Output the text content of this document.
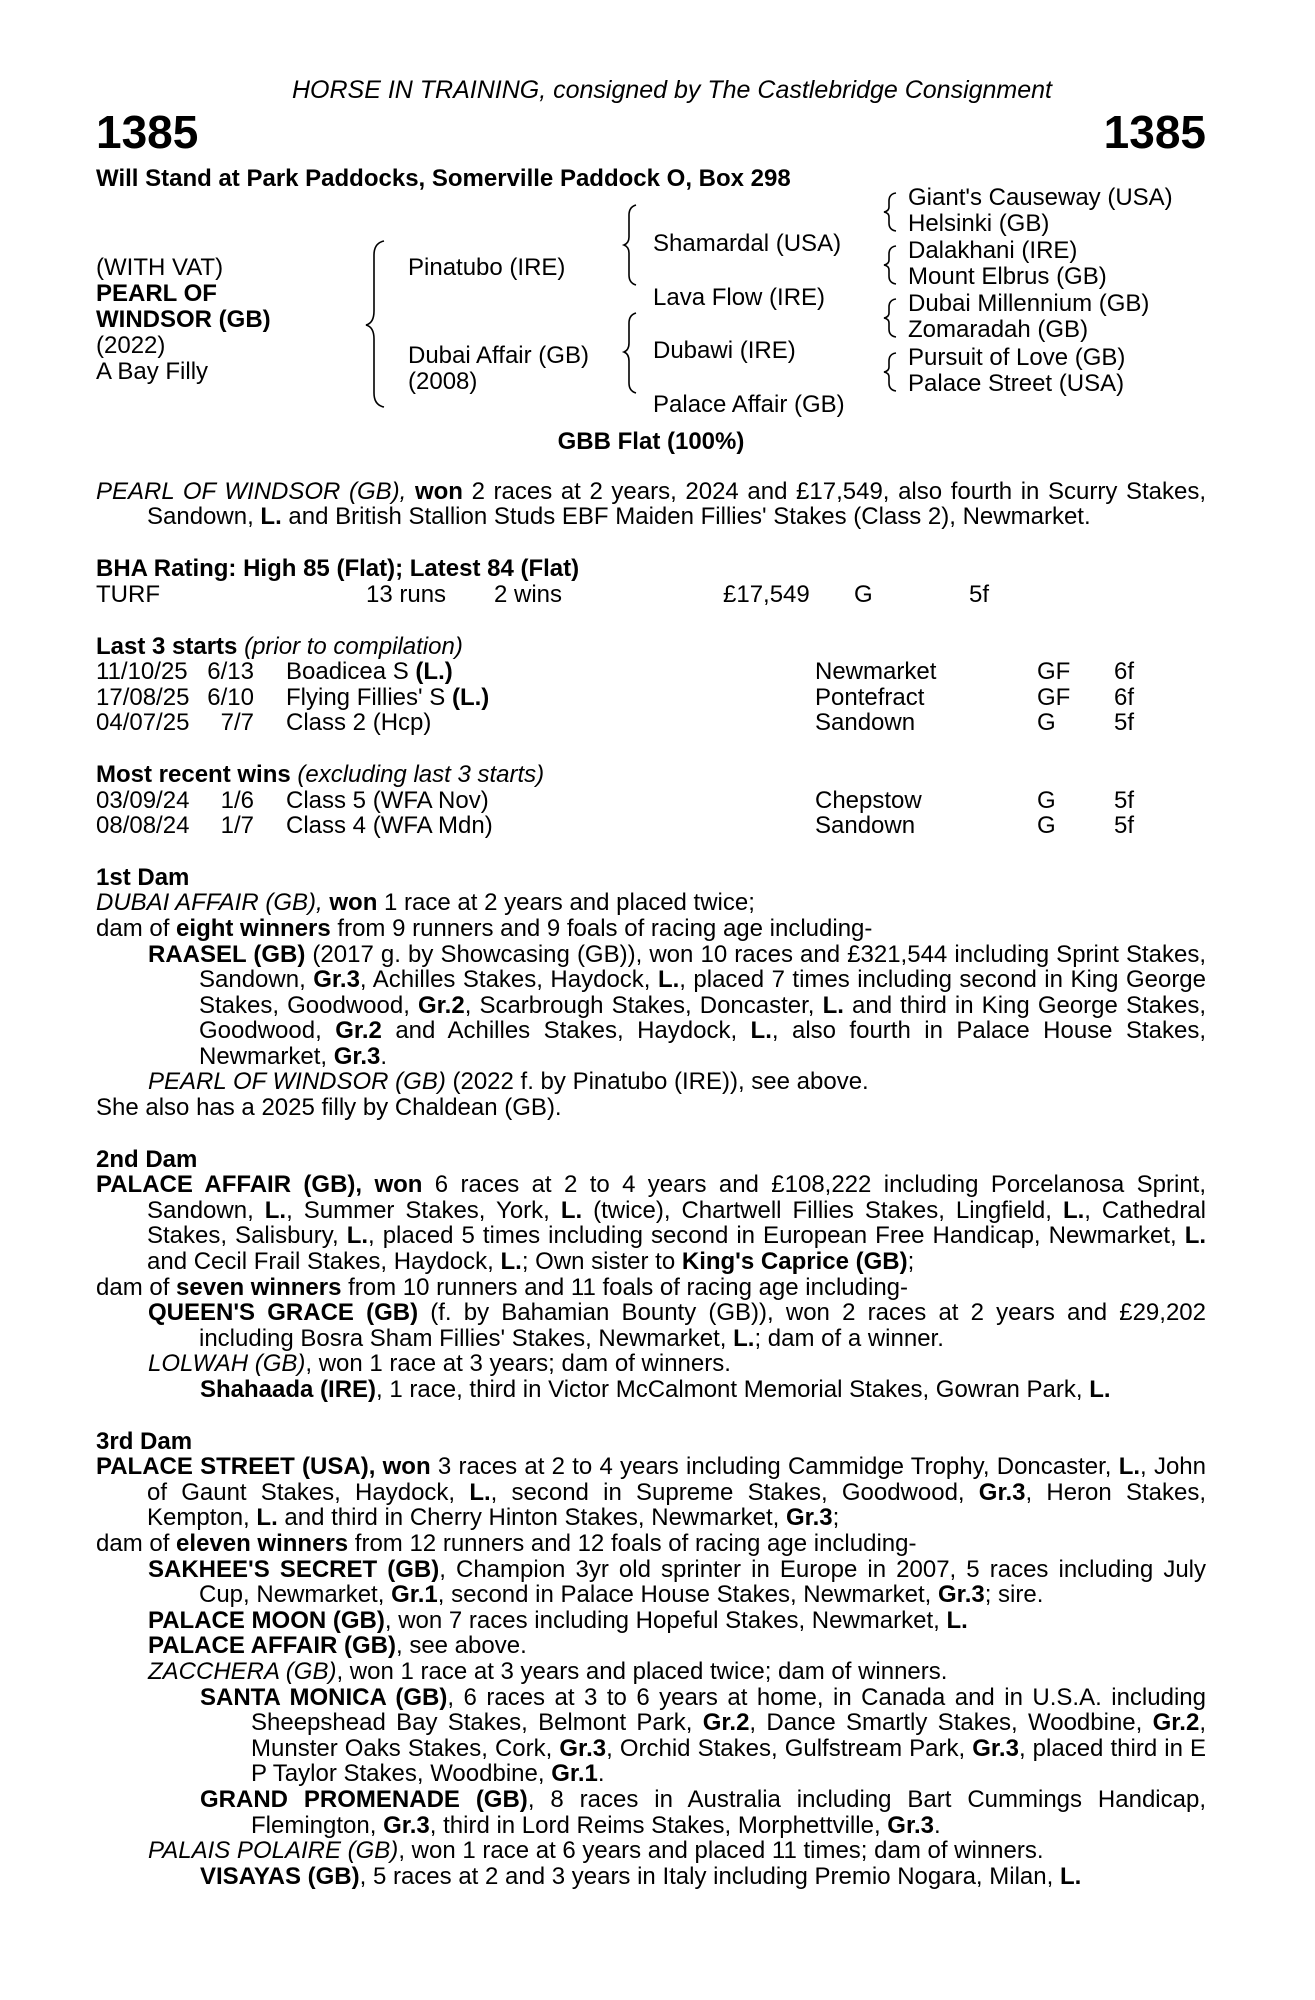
HORSE IN TRAINING, consigned by The Castlebridge Consignment
1385	1385
Will Stand at Park Paddocks, Somerville Paddock O, Box 298
(WITH VAT)
PEARL OF
WINDSOR (GB)
(2022)
A Bay Filly
Pinatubo (IRE)
Dubai Affair (GB)
(2008)
Shamardal (USA)
Lava Flow (IRE)
Dubawi (IRE)
Palace Affair (GB)
Giant's Causeway (USA)
Helsinki (GB)
Dalakhani (IRE)
Mount Elbrus (GB)
Dubai Millennium (GB)
Zomaradah (GB)
Pursuit of Love (GB)
Palace Street (USA)
GBB Flat (100%)
PEARL OF WINDSOR (GB), won 2 races at 2 years, 2024 and £17,549, also fourth in Scurry Stakes, Sandown, L. and British Stallion Studs EBF Maiden Fillies' Stakes (Class 2), Newmarket.
BHA Rating: High 85 (Flat); Latest 84 (Flat)
TURF	13 runs 2 wins	£17,549 G	5f
Last 3 starts (prior to compilation)
11/10/25 6/13 Boadicea S (L.)	Newmarket	GF 6f
17/08/25 6/10 Flying Fillies' S (L.)	Pontefract	GF 6f
04/07/25	7/7 Class 2 (Hcp)	Sandown	G 5f
Most recent wins (excluding last 3 starts)
03/09/24	1/6 Class 5 (WFA Nov)	Chepstow	G 5f
08/08/24	1/7 Class 4 (WFA Mdn)	Sandown	G 5f
1st Dam
DUBAI AFFAIR (GB), won 1 race at 2 years and placed twice;
dam of eight winners from 9 runners and 9 foals of racing age including-
RAASEL (GB) (2017 g. by Showcasing (GB)), won 10 races and £321,544 including Sprint Stakes, Sandown, Gr.3, Achilles Stakes, Haydock, L., placed 7 times including second in King George Stakes, Goodwood, Gr.2, Scarbrough Stakes, Doncaster, L. and third in King George Stakes, Goodwood, Gr.2 and Achilles Stakes, Haydock, L., also fourth in Palace House Stakes, Newmarket, Gr.3.
PEARL OF WINDSOR (GB) (2022 f. by Pinatubo (IRE)), see above.
She also has a 2025 filly by Chaldean (GB).
2nd Dam
PALACE AFFAIR (GB), won 6 races at 2 to 4 years and £108,222 including Porcelanosa Sprint, Sandown, L., Summer Stakes, York, L. (twice), Chartwell Fillies Stakes, Lingfield, L., Cathedral Stakes, Salisbury, L., placed 5 times including second in European Free Handicap, Newmarket, L. and Cecil Frail Stakes, Haydock, L.; Own sister to King's Caprice (GB);
dam of seven winners from 10 runners and 11 foals of racing age including-
QUEEN'S GRACE (GB) (f. by Bahamian Bounty (GB)), won 2 races at 2 years and £29,202 including Bosra Sham Fillies' Stakes, Newmarket, L.; dam of a winner.
LOLWAH (GB), won 1 race at 3 years; dam of winners.
Shahaada (IRE), 1 race, third in Victor McCalmont Memorial Stakes, Gowran Park, L.
3rd Dam
PALACE STREET (USA), won 3 races at 2 to 4 years including Cammidge Trophy, Doncaster, L., John of Gaunt Stakes, Haydock, L., second in Supreme Stakes, Goodwood, Gr.3, Heron Stakes, Kempton, L. and third in Cherry Hinton Stakes, Newmarket, Gr.3;
dam of eleven winners from 12 runners and 12 foals of racing age including-
SAKHEE'S SECRET (GB), Champion 3yr old sprinter in Europe in 2007, 5 races including July Cup, Newmarket, Gr.1, second in Palace House Stakes, Newmarket, Gr.3; sire.
PALACE MOON (GB), won 7 races including Hopeful Stakes, Newmarket, L.
PALACE AFFAIR (GB), see above.
ZACCHERA (GB), won 1 race at 3 years and placed twice; dam of winners.
SANTA MONICA (GB), 6 races at 3 to 6 years at home, in Canada and in U.S.A. including Sheepshead Bay Stakes, Belmont Park, Gr.2, Dance Smartly Stakes, Woodbine, Gr.2, Munster Oaks Stakes, Cork, Gr.3, Orchid Stakes, Gulfstream Park, Gr.3, placed third in E P Taylor Stakes, Woodbine, Gr.1.
GRAND PROMENADE (GB), 8 races in Australia including Bart Cummings Handicap, Flemington, Gr.3, third in Lord Reims Stakes, Morphettville, Gr.3.
PALAIS POLAIRE (GB), won 1 race at 6 years and placed 11 times; dam of winners.
VISAYAS (GB), 5 races at 2 and 3 years in Italy including Premio Nogara, Milan, L.
